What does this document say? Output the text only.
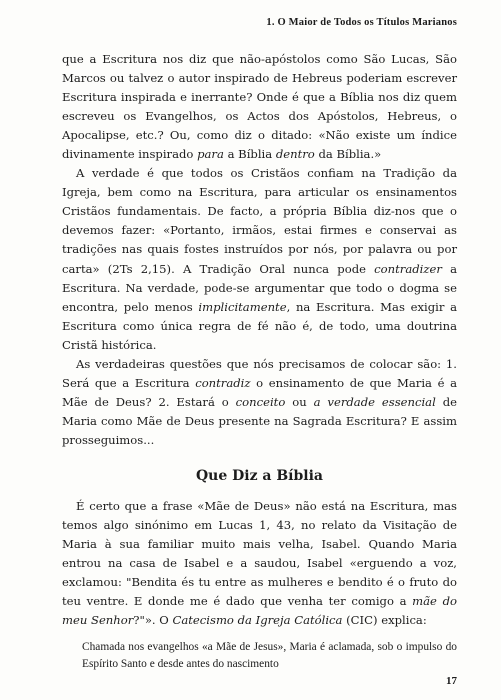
1. O Maior de Todos os Títulos Marianos

que a Escritura nos diz que não-apóstolos como São Lucas, São Marcos ou talvez o autor inspirado de Hebreus poderiam escrever Escritura inspirada e inerrante? Onde é que a Bíblia nos diz quem escreveu os Evangelhos, os Actos dos Apóstolos, Hebreus, o Apocalipse, etc.? Ou, como diz o ditado: «Não existe um índice divinamente inspirado para a Bíblia dentro da Bíblia.»

A verdade é que todos os Cristãos confiam na Tradição da Igreja, bem como na Escritura, para articular os ensinamentos Cristãos fundamentais. De facto, a própria Bíblia diz-nos que o devemos fazer: «Portanto, irmãos, estai firmes e conservai as tradições nas quais fostes instruídos por nós, por palavra ou por carta» (2Ts 2,15). A Tradição Oral nunca pode contradizer a Escritura. Na verdade, pode-se argumentar que todo o dogma se encontra, pelo menos implicitamente, na Escritura. Mas exigir a Escritura como única regra de fé não é, de todo, uma doutrina Cristã histórica.

As verdadeiras questões que nós precisamos de colocar são: 1. Será que a Escritura contradiz o ensinamento de que Maria é a Mãe de Deus? 2. Estará o conceito ou a verdade essencial de Maria como Mãe de Deus presente na Sagrada Escritura? E assim prosseguimos...

Que Diz a Bíblia

É certo que a frase «Mãe de Deus» não está na Escritura, mas temos algo sinónimo em Lucas 1, 43, no relato da Visitação de Maria à sua familiar muito mais velha, Isabel. Quando Maria entrou na casa de Isabel e a saudou, Isabel «erguendo a voz, exclamou: "Bendita és tu entre as mulheres e bendito é o fruto do teu ventre. E donde me é dado que venha ter comigo a mãe do meu Senhor?"». O Catecismo da Igreja Católica (CIC) explica:

Chamada nos evangelhos «a Mãe de Jesus», Maria é aclamada, sob o impulso do Espírito Santo e desde antes do nascimento
17
